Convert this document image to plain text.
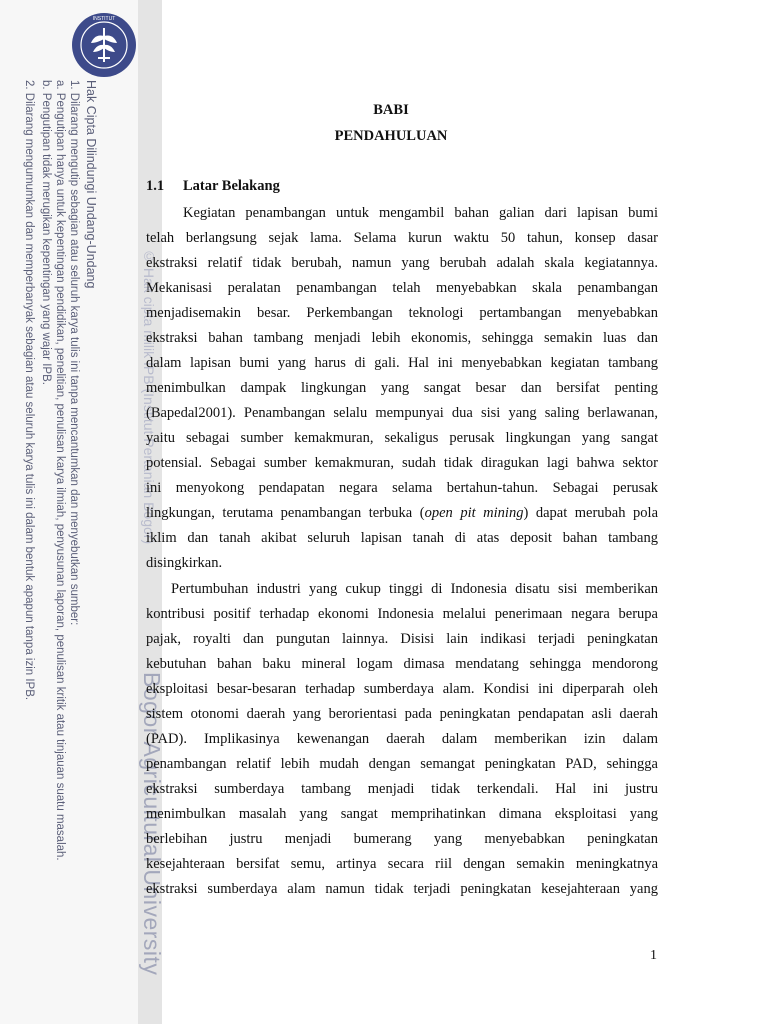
INSTITUT
Hak Cipta Dilindungi Undang-Undang
1. Dilarang mengutip sebagian atau seluruh karya tulis ini tanpa mencantumkan dan menyebutkan sumber:
a. Pengutipan hanya untuk kepentingan pendidikan, penelitian, penulisan karya ilmiah, penyusunan laporan, penulisan kritik atau tinjauan suatu masalah.
b. Pengutipan tidak merugikan kepentingan yang wajar IPB.
2. Dilarang mengumumkan dan memperbanyak sebagian atau seluruh karya tulis ini dalam bentuk apapun tanpa izin IPB.	© Hak cipta milik IPB (Institut Pertanian Bogor)
Bogor Agricultural University
BABI
PENDAHULUAN
1.1 Latar Belakang
Kegiatan penambangan untuk mengambil bahan galian dari lapisan bumi
telah berlangsung sejak lama. Selama kurun waktu 50 tahun, konsep dasar
ekstraksi relatif tidak berubah, namun yang berubah adalah skala kegiatannya.
Mekanisasi peralatan penambangan telah menyebabkan skala penambangan
menjadisemakin besar. Perkembangan teknologi pertambangan menyebabkan
ekstraksi bahan tambang menjadi lebih ekonomis, sehingga semakin luas dan
dalam lapisan bumi yang harus di gali. Hal ini menyebabkan kegiatan tambang
menimbulkan dampak lingkungan yang sangat besar dan bersifat penting
(Bapedal2001). Penambangan selalu mempunyai dua sisi yang saling berlawanan,
yaitu sebagai sumber kemakmuran, sekaligus perusak lingkungan yang sangat
potensial. Sebagai sumber kemakmuran, sudah tidak diragukan lagi bahwa sektor
ini menyokong pendapatan negara selama bertahun-tahun. Sebagai perusak
lingkungan, terutama penambangan terbuka (open pit mining) dapat merubah pola
iklim dan tanah akibat seluruh lapisan tanah di atas deposit bahan tambang
disingkirkan.
Pertumbuhan industri yang cukup tinggi di Indonesia disatu sisi memberikan
kontribusi positif terhadap ekonomi Indonesia melalui penerimaan negara berupa
pajak, royalti dan pungutan lainnya. Disisi lain indikasi terjadi peningkatan
kebutuhan bahan baku mineral logam dimasa mendatang sehingga mendorong
eksploitasi besar-besaran terhadap sumberdaya alam. Kondisi ini diperparah oleh
sistem otonomi daerah yang berorientasi pada peningkatan pendapatan asli daerah
(PAD). Implikasinya kewenangan daerah dalam memberikan izin dalam
penambangan relatif lebih mudah dengan semangat peningkatan PAD, sehingga
ekstraksi sumberdaya tambang menjadi tidak terkendali. Hal ini justru
menimbulkan masalah yang sangat memprihatinkan dimana eksploitasi yang
berlebihan justru menjadi bumerang yang menyebabkan peningkatan
kesejahteraan bersifat semu, artinya secara riil dengan semakin meningkatnya
ekstraksi sumberdaya alam namun tidak terjadi peningkatan kesejahteraan yang
1
